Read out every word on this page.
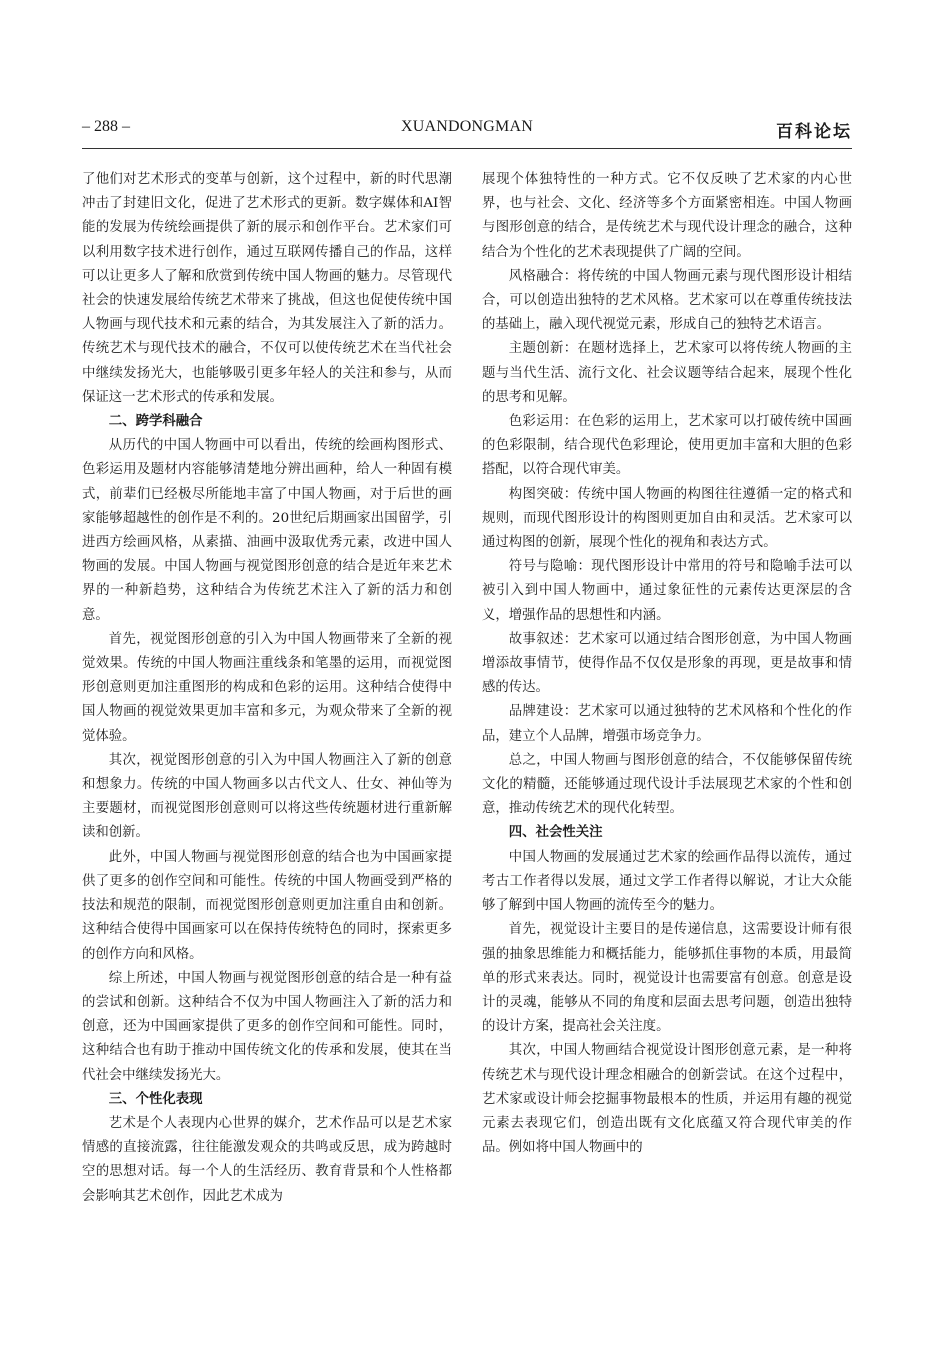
– 288 –	XUANDONGMAN	百科论坛

了他们对艺术形式的变革与创新，这个过程中，新的时代思潮冲击了封建旧文化，促进了艺术形式的更新。数字媒体和AI智能的发展为传统绘画提供了新的展示和创作平台。艺术家们可以利用数字技术进行创作，通过互联网传播自己的作品，这样可以让更多人了解和欣赏到传统中国人物画的魅力。尽管现代社会的快速发展给传统艺术带来了挑战，但这也促使传统中国人物画与现代技术和元素的结合，为其发展注入了新的活力。传统艺术与现代技术的融合，不仅可以使传统艺术在当代社会中继续发扬光大，也能够吸引更多年轻人的关注和参与，从而保证这一艺术形式的传承和发展。

二、跨学科融合

从历代的中国人物画中可以看出，传统的绘画构图形式、色彩运用及题材内容能够清楚地分辨出画种，给人一种固有模式，前辈们已经极尽所能地丰富了中国人物画，对于后世的画家能够超越性的创作是不利的。20世纪后期画家出国留学，引进西方绘画风格，从素描、油画中汲取优秀元素，改进中国人物画的发展。中国人物画与视觉图形创意的结合是近年来艺术界的一种新趋势，这种结合为传统艺术注入了新的活力和创意。

首先，视觉图形创意的引入为中国人物画带来了全新的视觉效果。传统的中国人物画注重线条和笔墨的运用，而视觉图形创意则更加注重图形的构成和色彩的运用。这种结合使得中国人物画的视觉效果更加丰富和多元，为观众带来了全新的视觉体验。

其次，视觉图形创意的引入为中国人物画注入了新的创意和想象力。传统的中国人物画多以古代文人、仕女、神仙等为主要题材，而视觉图形创意则可以将这些传统题材进行重新解读和创新。

此外，中国人物画与视觉图形创意的结合也为中国画家提供了更多的创作空间和可能性。传统的中国人物画受到严格的技法和规范的限制，而视觉图形创意则更加注重自由和创新。这种结合使得中国画家可以在保持传统特色的同时，探索更多的创作方向和风格。

综上所述，中国人物画与视觉图形创意的结合是一种有益的尝试和创新。这种结合不仅为中国人物画注入了新的活力和创意，还为中国画家提供了更多的创作空间和可能性。同时，这种结合也有助于推动中国传统文化的传承和发展，使其在当代社会中继续发扬光大。

三、个性化表现

艺术是个人表现内心世界的媒介，艺术作品可以是艺术家情感的直接流露，往往能激发观众的共鸣或反思，成为跨越时空的思想对话。每一个人的生活经历、教育背景和个人性格都会影响其艺术创作，因此艺术成为

展现个体独特性的一种方式。它不仅反映了艺术家的内心世界，也与社会、文化、经济等多个方面紧密相连。中国人物画与图形创意的结合，是传统艺术与现代设计理念的融合，这种结合为个性化的艺术表现提供了广阔的空间。

风格融合：将传统的中国人物画元素与现代图形设计相结合，可以创造出独特的艺术风格。艺术家可以在尊重传统技法的基础上，融入现代视觉元素，形成自己的独特艺术语言。

主题创新：在题材选择上，艺术家可以将传统人物画的主题与当代生活、流行文化、社会议题等结合起来，展现个性化的思考和见解。

色彩运用：在色彩的运用上，艺术家可以打破传统中国画的色彩限制，结合现代色彩理论，使用更加丰富和大胆的色彩搭配，以符合现代审美。

构图突破：传统中国人物画的构图往往遵循一定的格式和规则，而现代图形设计的构图则更加自由和灵活。艺术家可以通过构图的创新，展现个性化的视角和表达方式。

符号与隐喻：现代图形设计中常用的符号和隐喻手法可以被引入到中国人物画中，通过象征性的元素传达更深层的含义，增强作品的思想性和内涵。

故事叙述：艺术家可以通过结合图形创意，为中国人物画增添故事情节，使得作品不仅仅是形象的再现，更是故事和情感的传达。

品牌建设：艺术家可以通过独特的艺术风格和个性化的作品，建立个人品牌，增强市场竞争力。

总之，中国人物画与图形创意的结合，不仅能够保留传统文化的精髓，还能够通过现代设计手法展现艺术家的个性和创意，推动传统艺术的现代化转型。

四、社会性关注

中国人物画的发展通过艺术家的绘画作品得以流传，通过考古工作者得以发展，通过文学工作者得以解说，才让大众能够了解到中国人物画的流传至今的魅力。

首先，视觉设计主要目的是传递信息，这需要设计师有很强的抽象思维能力和概括能力，能够抓住事物的本质，用最简单的形式来表达。同时，视觉设计也需要富有创意。创意是设计的灵魂，能够从不同的角度和层面去思考问题，创造出独特的设计方案，提高社会关注度。

其次，中国人物画结合视觉设计图形创意元素，是一种将传统艺术与现代设计理念相融合的创新尝试。在这个过程中，艺术家或设计师会挖掘事物最根本的性质，并运用有趣的视觉元素去表现它们，创造出既有文化底蕴又符合现代审美的作品。例如将中国人物画中的
